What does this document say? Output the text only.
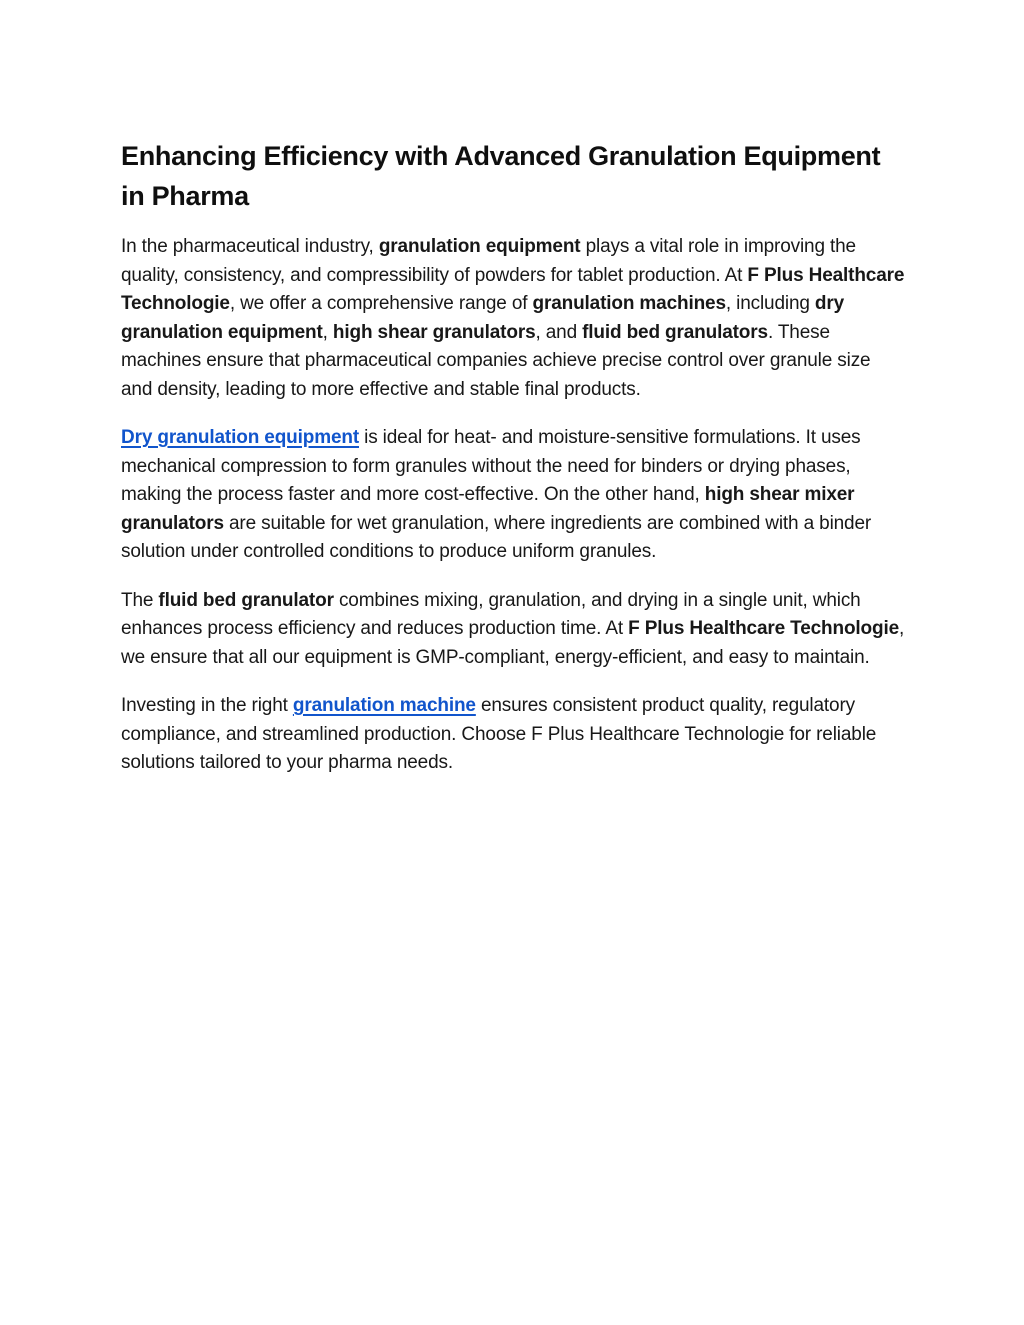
Enhancing Efficiency with Advanced Granulation Equipment
in Pharma

In the pharmaceutical industry, granulation equipment plays a vital role in improving the quality, consistency, and compressibility of powders for tablet production. At F Plus Healthcare Technologie, we offer a comprehensive range of granulation machines, including dry granulation equipment, high shear granulators, and fluid bed granulators. These machines ensure that pharmaceutical companies achieve precise control over granule size and density, leading to more effective and stable final products.

Dry granulation equipment is ideal for heat- and moisture-sensitive formulations. It uses mechanical compression to form granules without the need for binders or drying phases, making the process faster and more cost-effective. On the other hand, high shear mixer granulators are suitable for wet granulation, where ingredients are combined with a binder solution under controlled conditions to produce uniform granules.

The fluid bed granulator combines mixing, granulation, and drying in a single unit, which enhances process efficiency and reduces production time. At F Plus Healthcare Technologie, we ensure that all our equipment is GMP-compliant, energy-efficient, and easy to maintain.

Investing in the right granulation machine ensures consistent product quality, regulatory compliance, and streamlined production. Choose F Plus Healthcare Technologie for reliable solutions tailored to your pharma needs.
